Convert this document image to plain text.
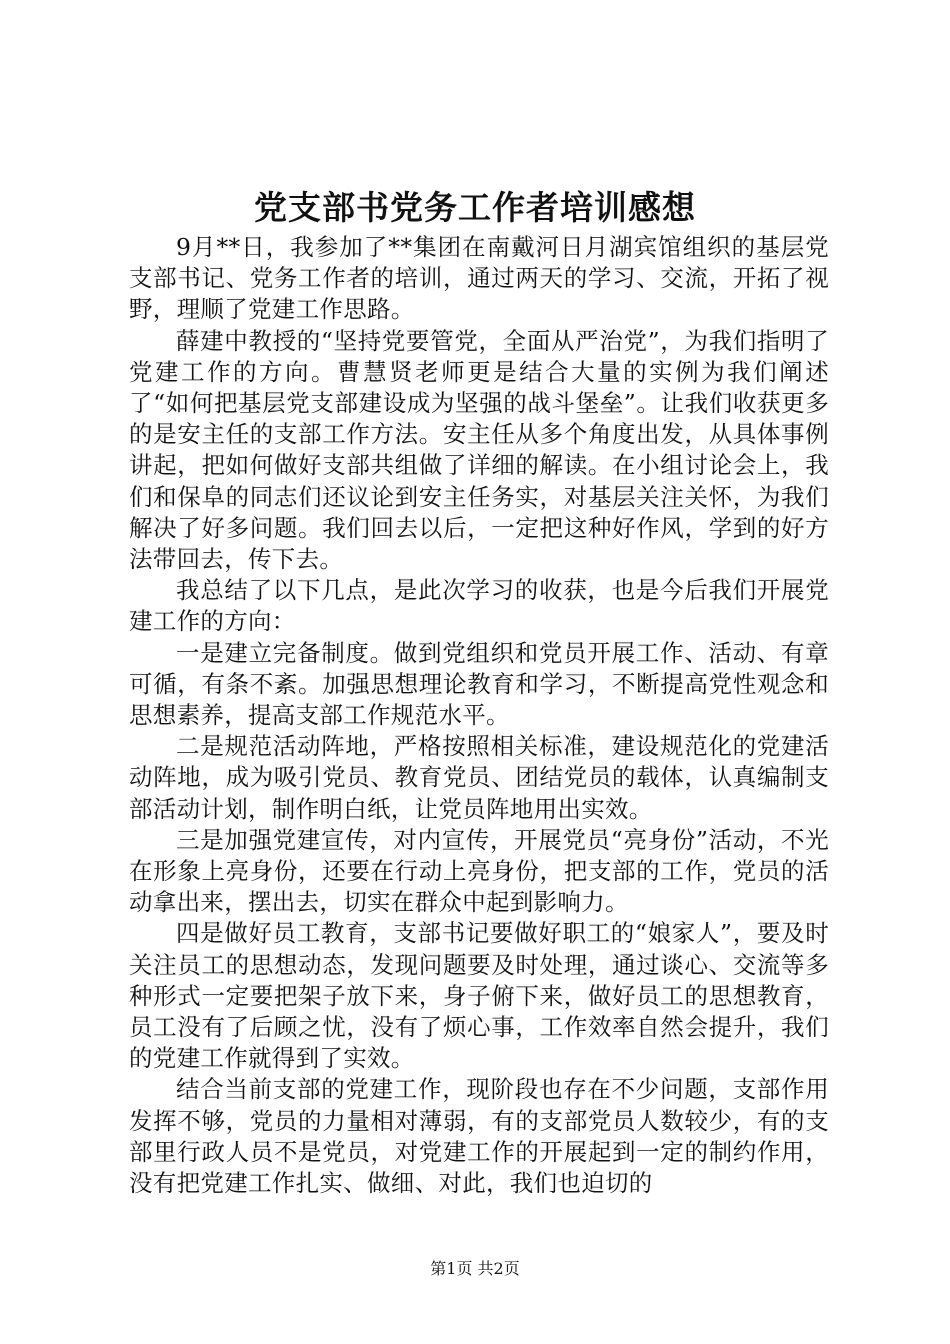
党支部书党务工作者培训感想

9月**日，我参加了**集团在南戴河日月湖宾馆组织的基层党支部书记、党务工作者的培训，通过两天的学习、交流，开拓了视野，理顺了党建工作思路。

薛建中教授的“坚持党要管党，全面从严治党”，为我们指明了党建工作的方向。曹慧贤老师更是结合大量的实例为我们阐述了“如何把基层党支部建设成为坚强的战斗堡垒”。让我们收获更多的是安主任的支部工作方法。安主任从多个角度出发，从具体事例讲起，把如何做好支部共组做了详细的解读。在小组讨论会上，我们和保阜的同志们还议论到安主任务实，对基层关注关怀，为我们解决了好多问题。我们回去以后，一定把这种好作风，学到的好方法带回去，传下去。

我总结了以下几点，是此次学习的收获，也是今后我们开展党建工作的方向：

一是建立完备制度。做到党组织和党员开展工作、活动、有章可循，有条不紊。加强思想理论教育和学习，不断提高党性观念和思想素养，提高支部工作规范水平。

二是规范活动阵地，严格按照相关标准，建设规范化的党建活动阵地，成为吸引党员、教育党员、团结党员的载体，认真编制支部活动计划，制作明白纸，让党员阵地用出实效。

三是加强党建宣传，对内宣传，开展党员“亮身份”活动，不光在形象上亮身份，还要在行动上亮身份，把支部的工作，党员的活动拿出来，摆出去，切实在群众中起到影响力。

四是做好员工教育，支部书记要做好职工的“娘家人”，要及时关注员工的思想动态，发现问题要及时处理，通过谈心、交流等多种形式一定要把架子放下来，身子俯下来，做好员工的思想教育，员工没有了后顾之忧，没有了烦心事，工作效率自然会提升，我们的党建工作就得到了实效。

结合当前支部的党建工作，现阶段也存在不少问题，支部作用发挥不够，党员的力量相对薄弱，有的支部党员人数较少，有的支部里行政人员不是党员，对党建工作的开展起到一定的制约作用，没有把党建工作扎实、做细、对此，我们也迫切的

第1页 共2页
